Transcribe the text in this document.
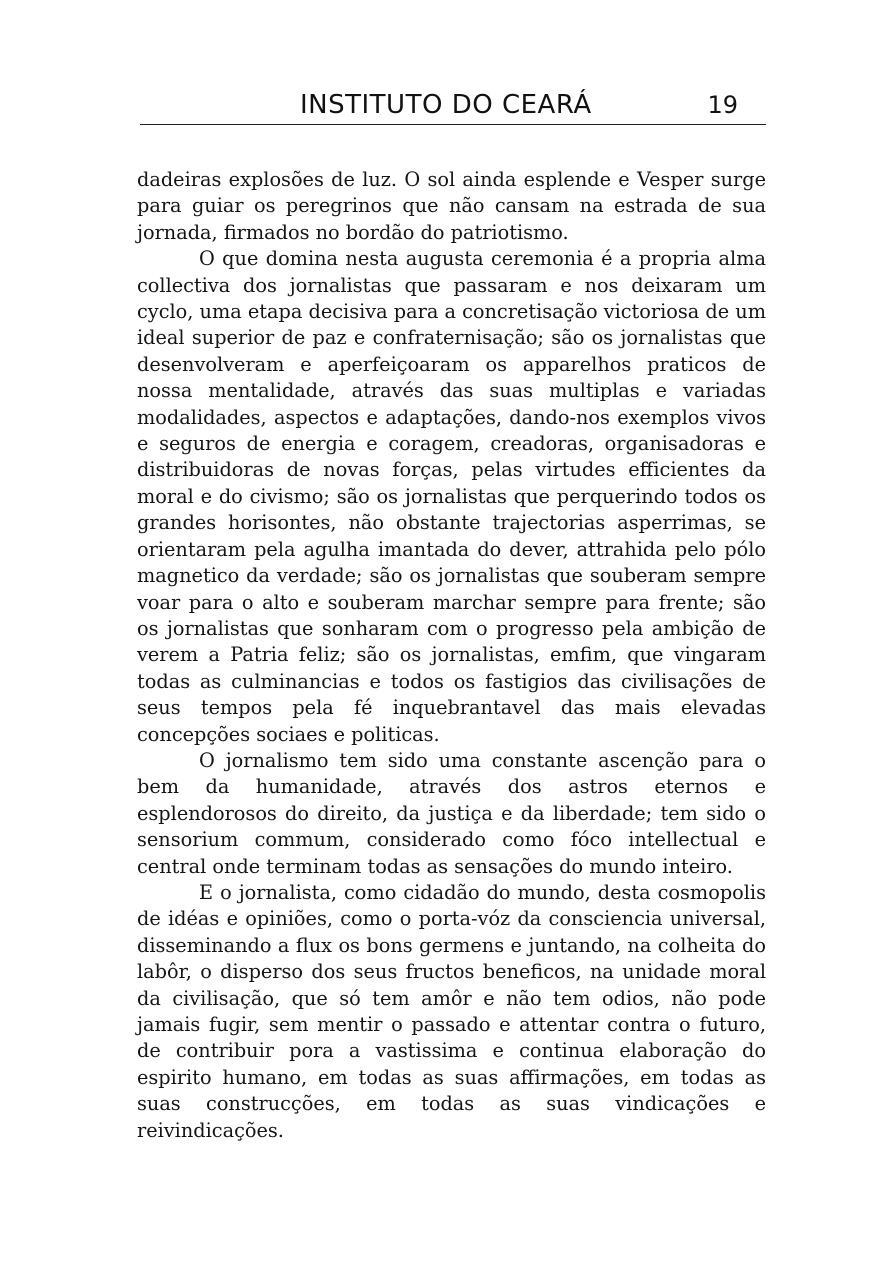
INSTITUTO DO CEARÁ	19

dadeiras explosões de luz. O sol ainda esplende e Vesper surge para guiar os peregrinos que não cansam na estrada de sua jornada, firmados no bordão do patriotismo.

O que domina nesta augusta ceremonia é a propria alma collectiva dos jornalistas que passaram e nos deixaram um cyclo, uma etapa decisiva para a concretisação victoriosa de um ideal superior de paz e confraternisação; são os jornalistas que desenvolveram e aperfeiçoaram os apparelhos praticos de nossa mentalidade, através das suas multiplas e variadas modalidades, aspectos e adaptações, dando-nos exemplos vivos e seguros de energia e coragem, creadoras, organisadoras e distribuidoras de novas forças, pelas virtudes efficientes da moral e do civismo; são os jornalistas que perquerindo todos os grandes horisontes, não obstante trajectorias asperrimas, se orientaram pela agulha imantada do dever, attrahida pelo pólo magnetico da verdade; são os jornalistas que souberam sempre voar para o alto e souberam marchar sempre para frente; são os jornalistas que sonharam com o progresso pela ambição de verem a Patria feliz; são os jornalistas, emfim, que vingaram todas as culminancias e todos os fastigios das civilisações de seus tempos pela fé inquebrantavel das mais elevadas concepções sociaes e politicas.

O jornalismo tem sido uma constante ascenção para o bem da humanidade, através dos astros eternos e esplendorosos do direito, da justiça e da liberdade; tem sido o sensorium commum, considerado como fóco intellectual e central onde terminam todas as sensações do mundo inteiro.

E o jornalista, como cidadão do mundo, desta cosmopolis de idéas e opiniões, como o porta-vóz da consciencia universal, disseminando a flux os bons germens e juntando, na colheita do labôr, o disperso dos seus fructos beneficos, na unidade moral da civilisação, que só tem amôr e não tem odios, não pode jamais fugir, sem mentir o passado e attentar contra o futuro, de contribuir pora a vastissima e continua elaboração do espirito humano, em todas as suas affirmações, em todas as suas construcções, em todas as suas vindicações e reivindicações.
